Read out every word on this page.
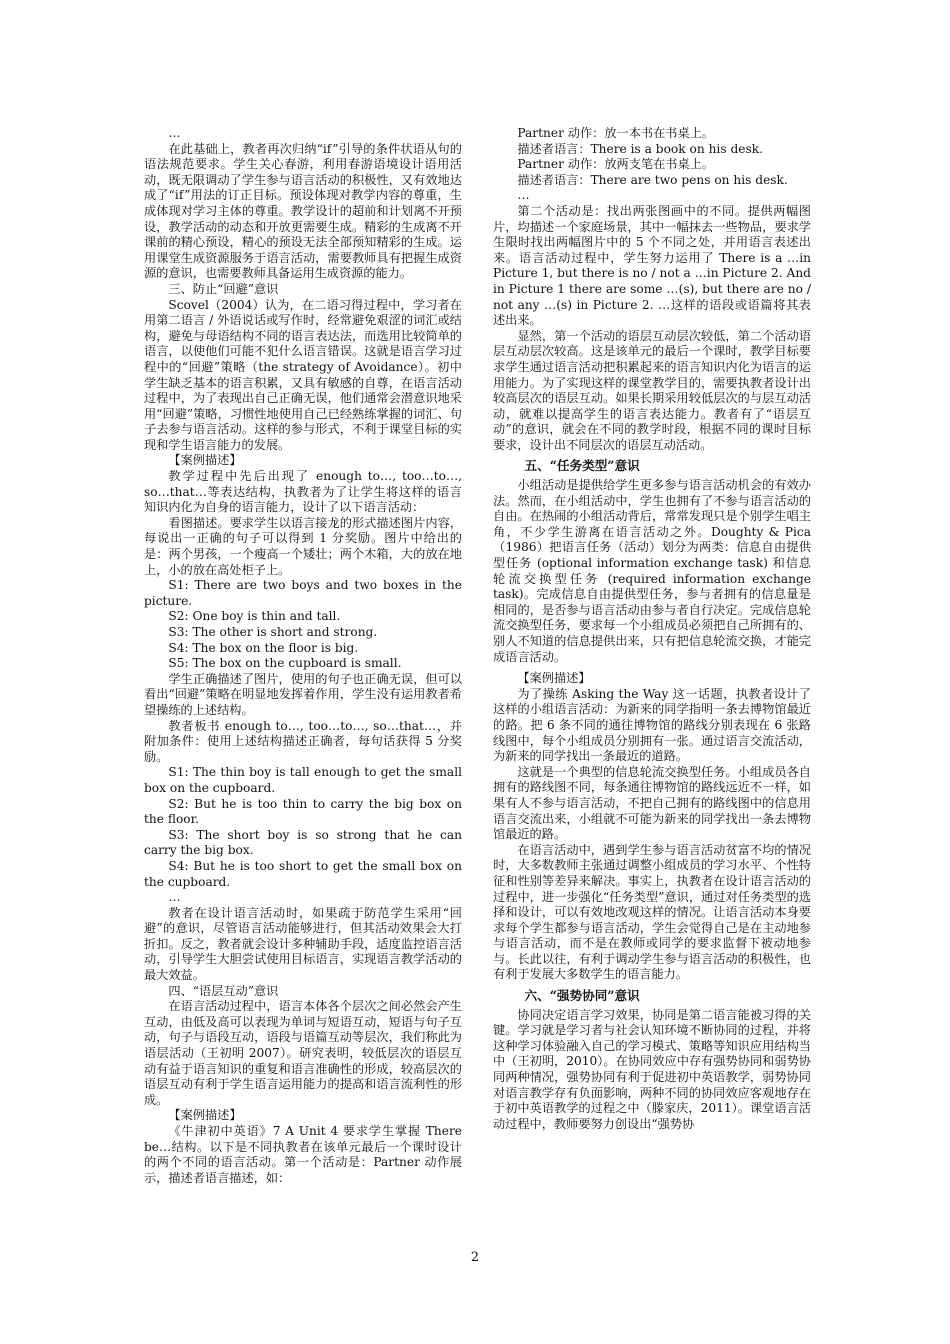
…

在此基础上，教者再次归纳“if”引导的条件状语从句的语法规范要求。学生关心春游，利用春游语境设计语用活动，既无限调动了学生参与语言活动的积极性，又有效地达成了“if”用法的订正目标。预设体现对教学内容的尊重，生成体现对学习主体的尊重。教学设计的超前和计划离不开预设，教学活动的动态和开放更需要生成。精彩的生成离不开课前的精心预设，精心的预设无法全部预知精彩的生成。运用课堂生成资源服务于语言活动，需要教师具有把握生成资源的意识，也需要教师具备运用生成资源的能力。

三、防止“回避”意识

Scovel（2004）认为，在二语习得过程中，学习者在用第二语言 / 外语说话或写作时，经常避免艰涩的词汇或结构，避免与母语结构不同的语言表达法，而选用比较简单的语言，以使他们可能不犯什么语言错误。这就是语言学习过程中的“回避”策略（the strategy of Avoidance）。初中学生缺乏基本的语言积累，又具有敏感的自尊，在语言活动过程中，为了表现出自己正确无误，他们通常会潜意识地采用“回避”策略，习惯性地使用自己已经熟练掌握的词汇、句子去参与语言活动。这样的参与形式，不利于课堂目标的实现和学生语言能力的发展。

【案例描述】

教学过程中先后出现了 enough to…, too…to…, so…that…等表达结构，执教者为了让学生将这样的语言知识内化为自身的语言能力，设计了以下语言活动：

看图描述。要求学生以语言接龙的形式描述图片内容，每说出一正确的句子可以得到 1 分奖励。图片中给出的是：两个男孩，一个瘦高一个矮壮；两个木箱，大的放在地上，小的放在高处柜子上。

S1: There are two boys and two boxes in the picture.

S2: One boy is thin and tall.

S3: The other is short and strong.

S4: The box on the floor is big.

S5: The box on the cupboard is small.

学生正确描述了图片，使用的句子也正确无误，但可以看出“回避”策略在明显地发挥着作用，学生没有运用教者希望操练的上述结构。

教者板书 enough to…, too…to…, so…that…，并附加条件：使用上述结构描述正确者，每句话获得 5 分奖励。

S1: The thin boy is tall enough to get the small box on the cupboard.

S2: But he is too thin to carry the big box on the floor.

S3: The short boy is so strong that he can carry the big box.

S4: But he is too short to get the small box on the cupboard.

…

教者在设计语言活动时，如果疏于防范学生采用“回避”的意识，尽管语言活动能够进行，但其活动效果会大打折扣。反之，教者就会设计多种辅助手段，适度监控语言活动，引导学生大胆尝试使用目标语言，实现语言教学活动的最大效益。

四、“语层互动”意识

在语言活动过程中，语言本体各个层次之间必然会产生互动，由低及高可以表现为单词与短语互动，短语与句子互动，句子与语段互动，语段与语篇互动等层次，我们称此为语层活动（王初明 2007）。研究表明，较低层次的语层互动有益于语言知识的重复和语言准确性的形成，较高层次的语层互动有利于学生语言运用能力的提高和语言流利性的形成。

【案例描述】

《牛津初中英语》7 A Unit 4 要求学生掌握 There be…结构。以下是不同执教者在该单元最后一个课时设计的两个不同的语言活动。第一个活动是：Partner 动作展示，描述者语言描述，如：

Partner 动作：放一本书在书桌上。

描述者语言：There is a book on his desk.

Partner 动作：放两支笔在书桌上。

描述者语言：There are two pens on his desk.

…

第二个活动是：找出两张图画中的不同。提供两幅图片，均描述一个家庭场景，其中一幅抹去一些物品，要求学生限时找出两幅图片中的 5 个不同之处，并用语言表述出来。语言活动过程中，学生努力运用了 There is a …in Picture 1, but there is no / not a …in Picture 2. And in Picture 1 there are some …(s), but there are no / not any …(s) in Picture 2. …这样的语段或语篇将其表述出来。

显然，第一个活动的语层互动层次较低，第二个活动语层互动层次较高。这是该单元的最后一个课时，教学目标要求学生通过语言活动把积累起来的语言知识内化为语言的运用能力。为了实现这样的课堂教学目的，需要执教者设计出较高层次的语层互动。如果长期采用较低层次的与层互动活动，就难以提高学生的语言表达能力。教者有了“语层互动”的意识，就会在不同的教学时段，根据不同的课时目标要求，设计出不同层次的语层互动活动。

五、“任务类型”意识

小组活动是提供给学生更多参与语言活动机会的有效办法。然而，在小组活动中，学生也拥有了不参与语言活动的自由。在热闹的小组活动背后，常常发现只是个别学生唱主角，不少学生游离在语言活动之外。Doughty & Pica（1986）把语言任务（活动）划分为两类：信息自由提供型任务 (optional information exchange task) 和信息轮流交换型任务 (required information exchange task)。完成信息自由提供型任务，参与者拥有的信息量是相同的，是否参与语言活动由参与者自行决定。完成信息轮流交换型任务，要求每一个小组成员必须把自己所拥有的、别人不知道的信息提供出来，只有把信息轮流交换，才能完成语言活动。

【案例描述】

为了操练 Asking the Way 这一话题，执教者设计了这样的小组语言活动：为新来的同学指明一条去博物馆最近的路。把 6 条不同的通往博物馆的路线分别表现在 6 张路线图中，每个小组成员分别拥有一张。通过语言交流活动，为新来的同学找出一条最近的道路。

这就是一个典型的信息轮流交换型任务。小组成员各自拥有的路线图不同，每条通往博物馆的路线远近不一样，如果有人不参与语言活动，不把自己拥有的路线图中的信息用语言交流出来，小组就不可能为新来的同学找出一条去博物馆最近的路。

在语言活动中，遇到学生参与语言活动贫富不均的情况时，大多数教师主张通过调整小组成员的学习水平、个性特征和性别等差异来解决。事实上，执教者在设计语言活动的过程中，进一步强化“任务类型”意识，通过对任务类型的选择和设计，可以有效地改观这样的情况。让语言活动本身要求每个学生都参与语言活动，学生会觉得自己是在主动地参与语言活动，而不是在教师或同学的要求监督下被动地参与。长此以往，有利于调动学生参与语言活动的积极性，也有利于发展大多数学生的语言能力。

六、“强势协同”意识

协同决定语言学习效果，协同是第二语言能被习得的关键。学习就是学习者与社会认知环境不断协同的过程，并将这种学习体验融入自己的学习模式、策略等知识应用结构当中（王初明，2010）。在协同效应中存有强势协同和弱势协同两种情况，强势协同有利于促进初中英语教学，弱势协同对语言教学存有负面影响，两种不同的协同效应客观地存在于初中英语教学的过程之中（滕家庆，2011）。课堂语言活动过程中，教师要努力创设出“强势协

2
